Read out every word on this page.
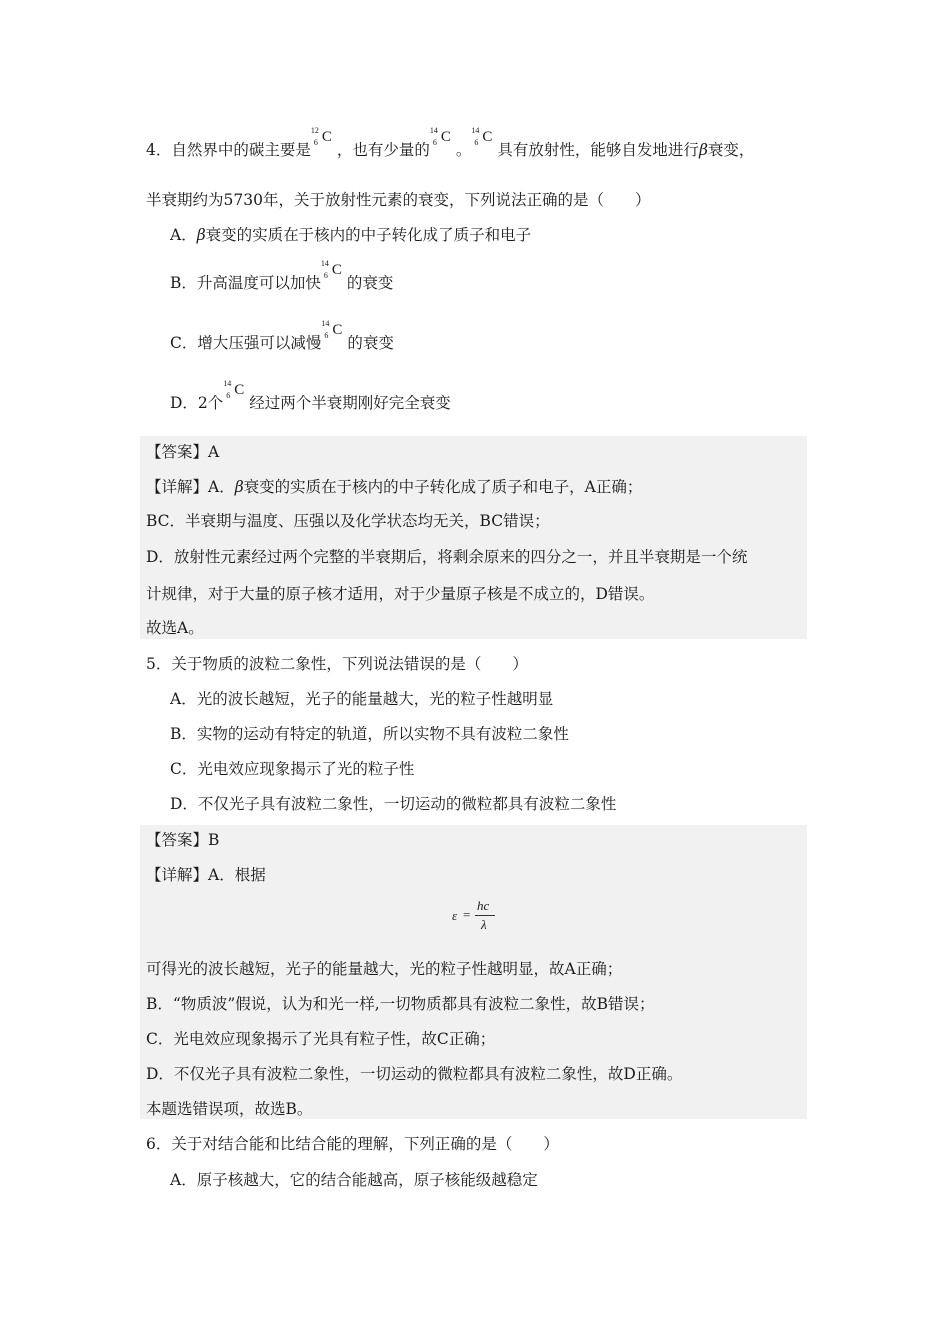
4．自然界中的碳主要是
12
6 C
，也有少量的
14
6 C
。
14
6 C
具有放射性，能够自发地进行β衰变，
半衰期约为5730年，关于放射性元素的衰变，下列说法正确的是（　　）
A．β衰变的实质在于核内的中子转化成了质子和电子
B．升高温度可以加快
14
6 C
的衰变
C．增大压强可以减慢
14
6 C
的衰变
D．2个
14
6 C
经过两个半衰期刚好完全衰变
【答案】A
【详解】A．β衰变的实质在于核内的中子转化成了质子和电子，A正确；
BC．半衰期与温度、压强以及化学状态均无关，BC错误；
D．放射性元素经过两个完整的半衰期后，将剩余原来的四分之一，并且半衰期是一个统
计规律，对于大量的原子核才适用，对于少量原子核是不成立的，D错误。
故选A。
5．关于物质的波粒二象性，下列说法错误的是（　　）
A．光的波长越短，光子的能量越大，光的粒子性越明显
B．实物的运动有特定的轨道，所以实物不具有波粒二象性
C．光电效应现象揭示了光的粒子性
D．不仅光子具有波粒二象性，一切运动的微粒都具有波粒二象性
【答案】B
【详解】A．根据
ε =
hc
λ
可得光的波长越短，光子的能量越大，光的粒子性越明显，故A正确；
B．“物质波”假说，认为和光一样,一切物质都具有波粒二象性，故B错误；
C．光电效应现象揭示了光具有粒子性，故C正确；
D．不仅光子具有波粒二象性，一切运动的微粒都具有波粒二象性，故D正确。
本题选错误项，故选B。
6．关于对结合能和比结合能的理解，下列正确的是（　　）
A．原子核越大，它的结合能越高，原子核能级越稳定
